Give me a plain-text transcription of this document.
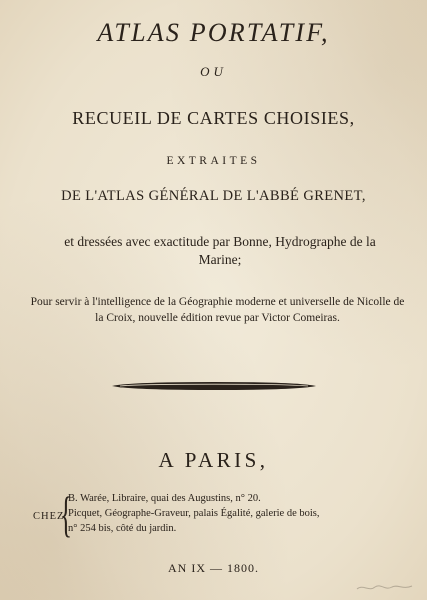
ATLAS PORTATIF,
OU
RECUEIL DE CARTES CHOISIES,
EXTRAITES
DE L'ATLAS GÉNÉRAL DE L'ABBÉ GRENET,
et dressées avec exactitude par Bonne, Hydrographe de la Marine;
Pour servir à l'intelligence de la Géographie moderne et universelle de Nicolle de la Croix, nouvelle édition revue par Victor Comeiras.
A PARIS,
CHEZ
{
B. Warée, Libraire, quai des Augustins, n° 20.
Picquet, Géographe-Graveur, palais Égalité, galerie de bois,
n° 254 bis, côté du jardin.
AN IX — 1800.
